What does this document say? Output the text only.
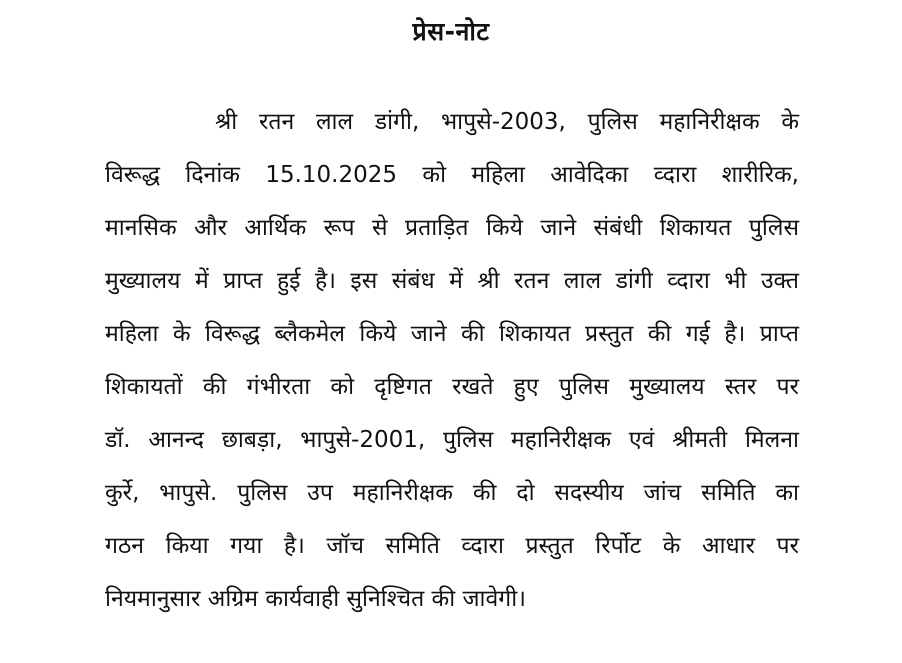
प्रेस-नोट
श्री रतन लाल डांगी, भापुसे-2003, पुलिस महानिरीक्षक के
विरूद्ध दिनांक 15.10.2025 को महिला आवेदिका व्दारा शारीरिक,
मानसिक और आर्थिक रूप से प्रताड़ित किये जाने संबंधी शिकायत पुलिस
मुख्यालय में प्राप्त हुई है। इस संबंध में श्री रतन लाल डांगी व्दारा भी उक्त
महिला के विरूद्ध ब्लैकमेल किये जाने की शिकायत प्रस्तुत की गई है। प्राप्त
शिकायतों की गंभीरता को दृष्टिगत रखते हुए पुलिस मुख्यालय स्तर पर
डॉ. आनन्द छाबड़ा, भापुसे-2001, पुलिस महानिरीक्षक एवं श्रीमती मिलना
कुर्रे, भापुसे. पुलिस उप महानिरीक्षक की दो सदस्यीय जांच समिति का
गठन किया गया है। जॉच समिति व्दारा प्रस्तुत रिर्पोट के आधार पर
नियमानुसार अग्रिम कार्यवाही सुनिश्चित की जावेगी।
